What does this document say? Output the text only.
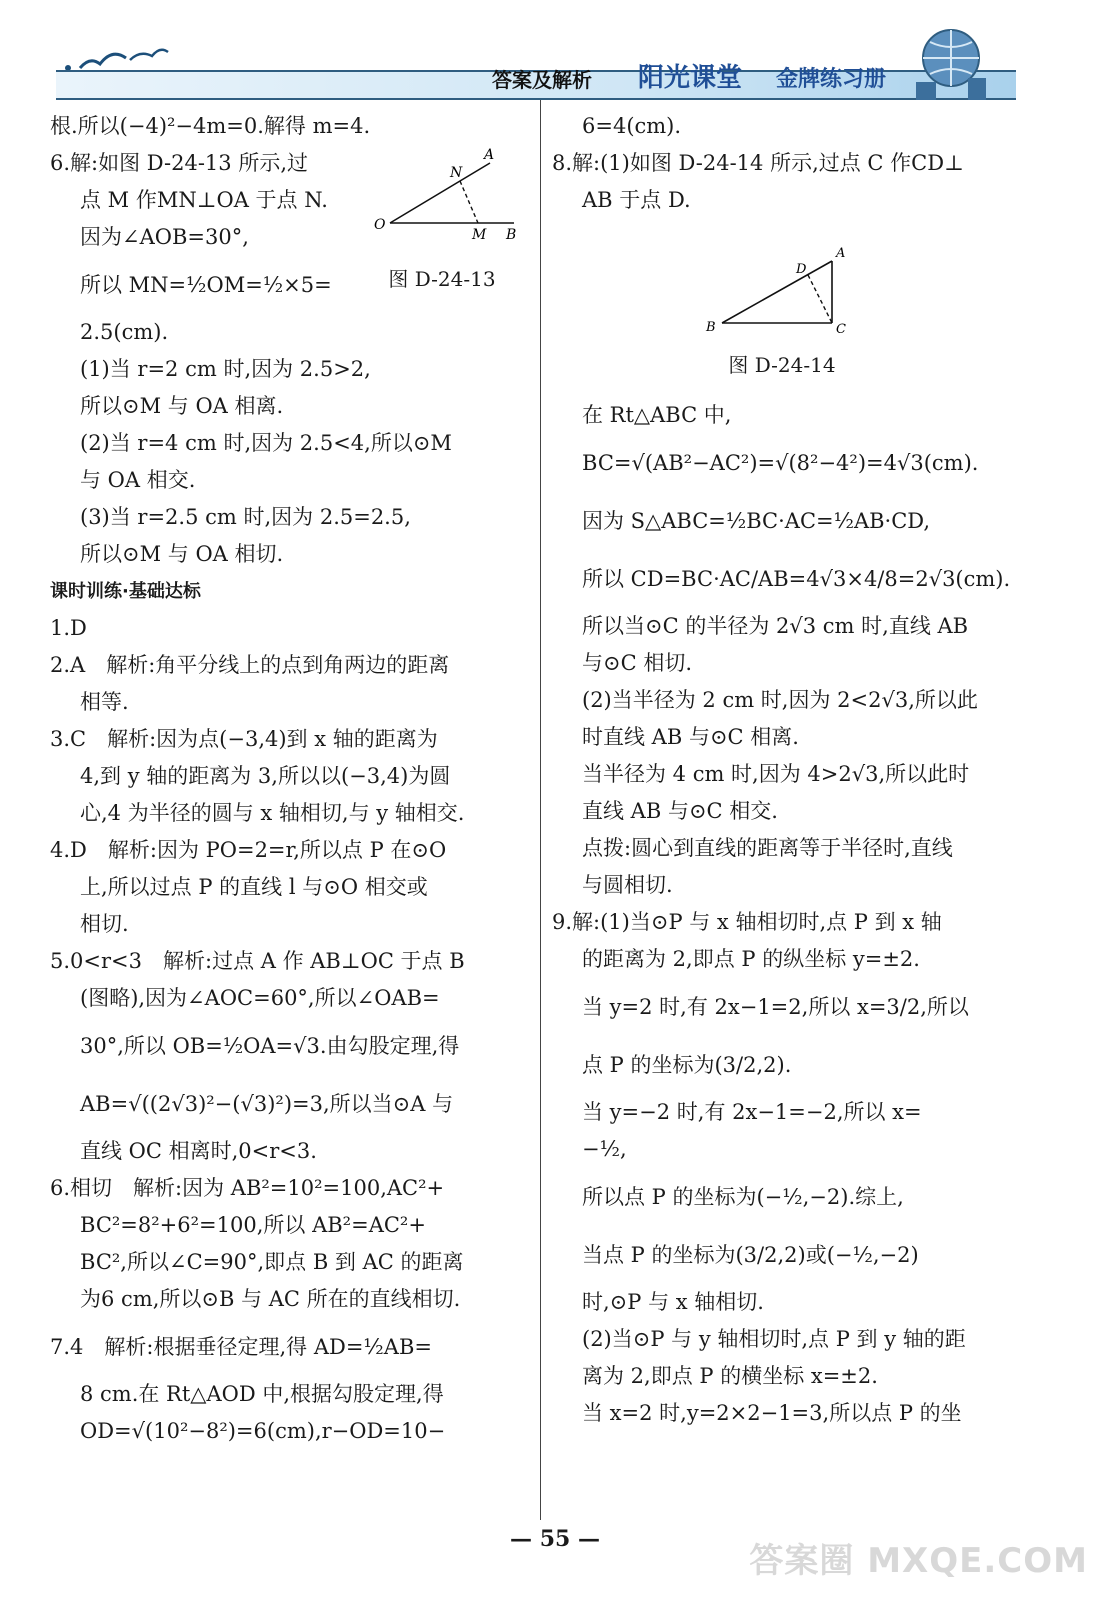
答案及解析 阳光课堂 金牌练习册
根.所以(−4)²−4m=0.解得 m=4.
6.解:如图 D-24-13 所示,过
点 M 作MN⊥OA 于点 N.
因为∠AOB=30°,
所以 MN=½OM=½×5=
2.5(cm).
(1)当 r=2 cm 时,因为 2.5>2,
所以⊙M 与 OA 相离.
(2)当 r=4 cm 时,因为 2.5<4,所以⊙M
与 OA 相交.
(3)当 r=2.5 cm 时,因为 2.5=2.5,
所以⊙M 与 OA 相切.
课时训练·基础达标
1.D
2.A　解析:角平分线上的点到角两边的距离
相等.
3.C　解析:因为点(−3,4)到 x 轴的距离为
4,到 y 轴的距离为 3,所以以(−3,4)为圆
心,4 为半径的圆与 x 轴相切,与 y 轴相交.
4.D　解析:因为 PO=2=r,所以点 P 在⊙O
上,所以过点 P 的直线 l 与⊙O 相交或
相切.
5.0<r<3　解析:过点 A 作 AB⊥OC 于点 B
(图略),因为∠AOC=60°,所以∠OAB=
30°,所以 OB=½OA=√3.由勾股定理,得
AB=√((2√3)²−(√3)²)=3,所以当⊙A 与
直线 OC 相离时,0<r<3.
6.相切　解析:因为 AB²=10²=100,AC²+
BC²=8²+6²=100,所以 AB²=AC²+
BC²,所以∠C=90°,即点 B 到 AC 的距离
为6 cm,所以⊙B 与 AC 所在的直线相切.
7.4　解析:根据垂径定理,得 AD=½AB=
8 cm.在 Rt△AOD 中,根据勾股定理,得
OD=√(10²−8²)=6(cm),r−OD=10−
N
A
O
M B
图 D-24-13
6=4(cm).
8.解:(1)如图 D-24-14 所示,过点 C 作CD⊥
AB 于点 D.
A
D
B	C
图 D-24-14
在 Rt△ABC 中,
BC=√(AB²−AC²)=√(8²−4²)=4√3(cm).
因为 S△ABC=½BC·AC=½AB·CD,
所以 CD=BC·AC/AB=4√3×4/8=2√3(cm).
所以当⊙C 的半径为 2√3 cm 时,直线 AB
与⊙C 相切.
(2)当半径为 2 cm 时,因为 2<2√3,所以此
时直线 AB 与⊙C 相离.
当半径为 4 cm 时,因为 4>2√3,所以此时
直线 AB 与⊙C 相交.
点拨:圆心到直线的距离等于半径时,直线
与圆相切.
9.解:(1)当⊙P 与 x 轴相切时,点 P 到 x 轴
的距离为 2,即点 P 的纵坐标 y=±2.
当 y=2 时,有 2x−1=2,所以 x=3/2,所以
点 P 的坐标为(3/2,2).
当 y=−2 时,有 2x−1=−2,所以 x=
−½,
所以点 P 的坐标为(−½,−2).综上,
当点 P 的坐标为(3/2,2)或(−½,−2)
时,⊙P 与 x 轴相切.
(2)当⊙P 与 y 轴相切时,点 P 到 y 轴的距
离为 2,即点 P 的横坐标 x=±2.
当 x=2 时,y=2×2−1=3,所以点 P 的坐
— 55 —
答案圈 MXQE.COM
